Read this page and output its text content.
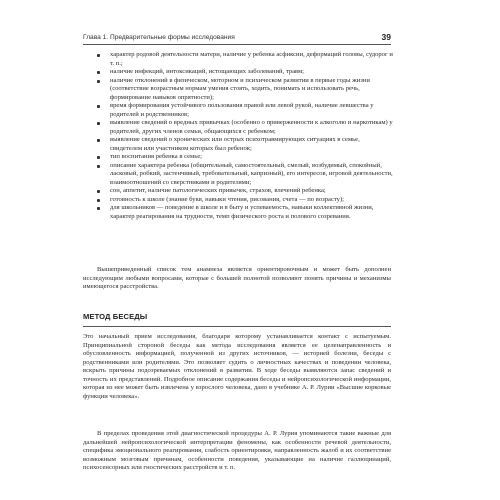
Глава 1. Предварительные формы исследования	39
характер родовой деятельности матери, наличие у ребенка асфиксии, деформаций головы, судорог и т. п.;
наличие инфекций, интоксикаций, истощающих заболеваний, травм;
наличие отклонений в физическом, моторном и психическом развитии в первые годы жизни (соответствие возрастным нормам умения стоять, ходить, понимать и использовать речь, формирование навыков опрятности);
время формирования устойчивого пользования правой или левой рукой, наличие левшества у родителей и родственников;
выявление сведений о вредных привычках (особенно о приверженности к алкоголю и наркотикам) у родителей, других членов семьи, общающихся с ребенком;
выявление сведений о хронических или острых психотравмирующих ситуациях в семье, свидетелем или участником которых был ребенок;
тип воспитания ребенка в семье;
описание характера ребенка (общительный, самостоятельный, смелый, возбудимый, спокойный, ласковый, робкий, застенчивый, требовательный, капризный), его интересов, игровой деятельности, взаимоотношений со сверстниками и родителями;
сон, аппетит, наличие патологических привычек, страхов, влечений ребенка;
готовность к школе (знание букв, навыки чтения, рисования, счета — по возрасту);
для школьников — поведение в школе и в быту и успеваемость, навыки коллективной жизни, характер реагирования на трудности, темп физического роста и полового созревания.

Вышеприведенный список тем анамнеза является ориентировочным и может быть дополнен исследующим любыми вопросами, которые с большей полнотой позволяют понять причины и механизмы имеющегося расстройства.

МЕТОД БЕСЕДЫ

Это начальный прием исследования, благодаря которому устанавливается контакт с испытуемым. Принципиальной стороной беседы как метода исследования является ее целенаправленность и обусловленность информацией, полученной из других источников, — историей болезни, беседы с родственниками или родителями. Это позволяет судить о личностных качествах и поведении человека, вскрыть причины подозреваемых отклонений в развитии. В ходе беседы выявляются запас сведений и точность их представлений. Подробное описание содержания беседы и нейропсихологической информации, которая из нее может быть извлечена у взрослого человека, дано в учебнике А. Р. Лурии «Высшие корковые функции человека».

В пределах проведения этой диагностической процедуры А. Р. Лурия упоминаются такие важные для дальнейшей нейропсихологической интерпретации феномены, как особенности речевой деятельности, специфика эмоционального реагирования, слабость ориентировки, направленность жалоб и их соответствие возможным мозговым причинам, особенности поведения, указывающие на наличие галлюцинаций, психосенсорных или гностических расстройств и т. п.
